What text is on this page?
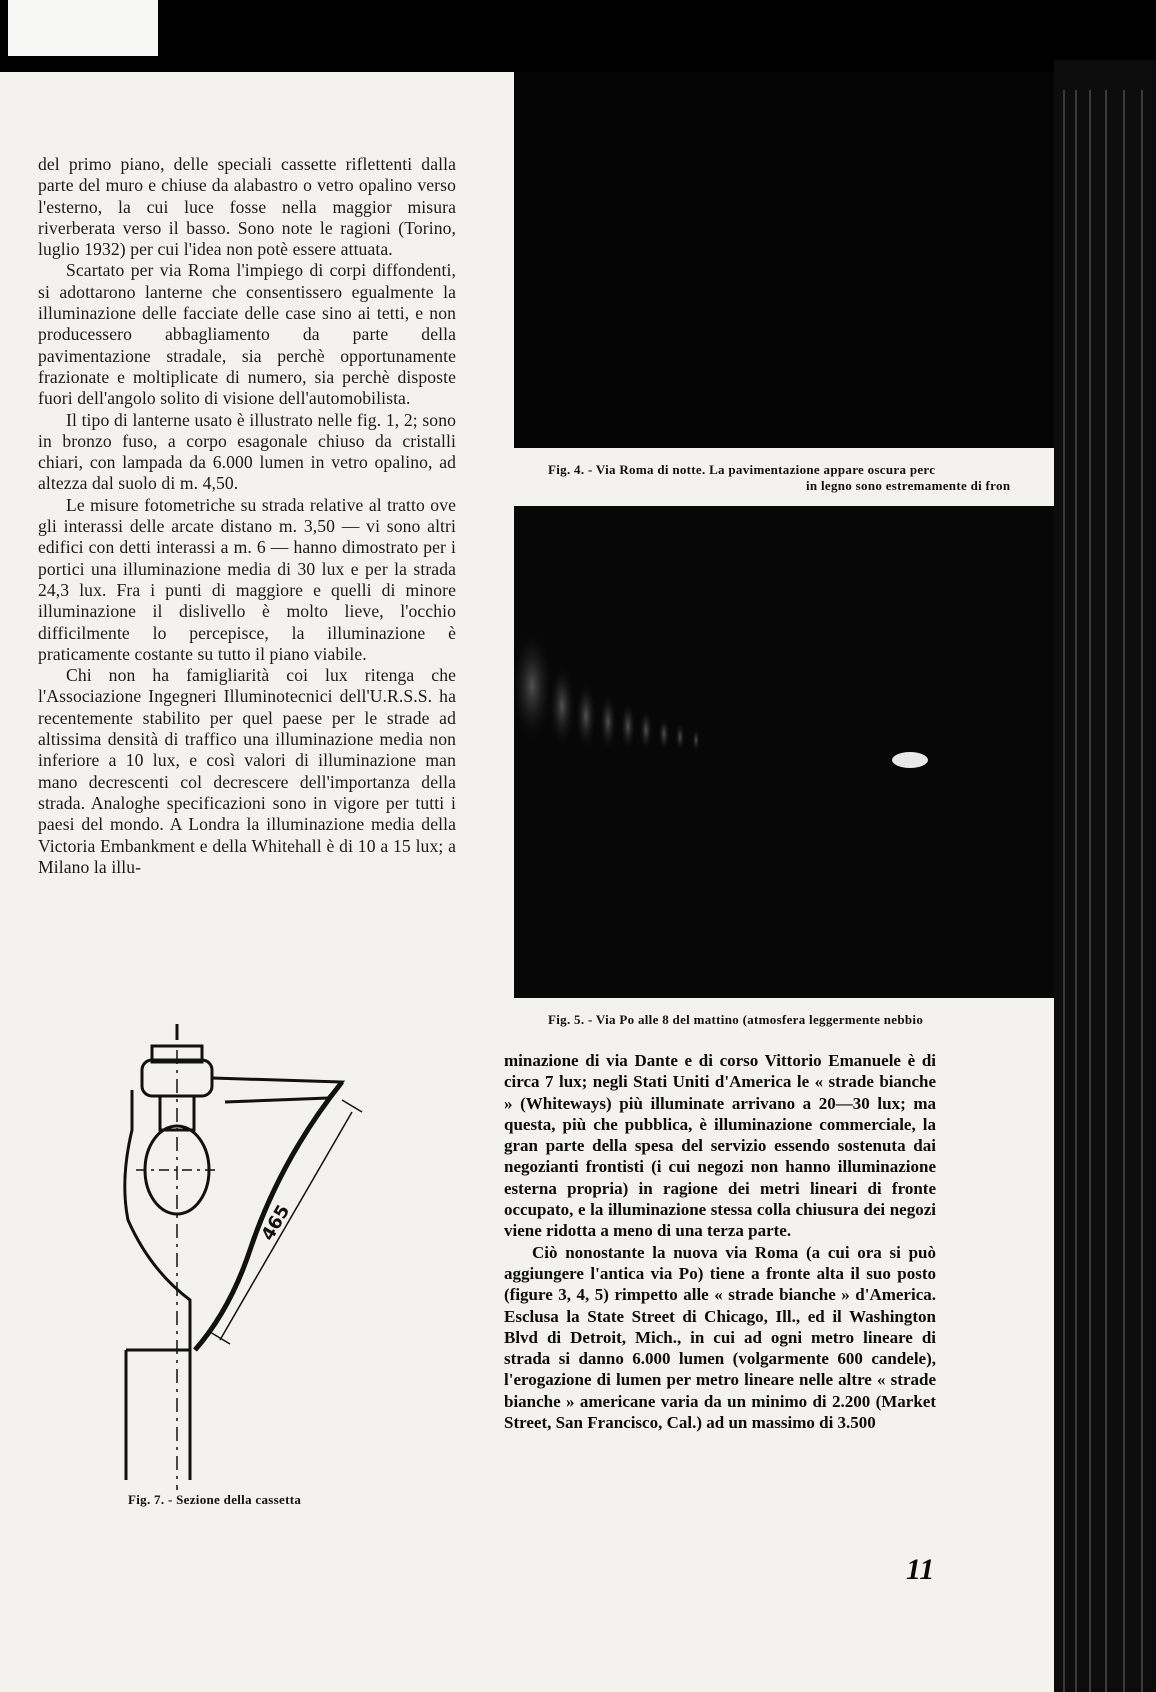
del primo piano, delle speciali cassette riflettenti dalla parte del muro e chiuse da alabastro o vetro opalino verso l'esterno, la cui luce fosse nella maggior misura riverberata verso il basso. Sono note le ragioni (Torino, luglio 1932) per cui l'idea non potè essere attuata.

Scartato per via Roma l'impiego di corpi diffondenti, si adottarono lanterne che consentissero egualmente la illuminazione delle facciate delle case sino ai tetti, e non producessero abbagliamento da parte della pavimentazione stradale, sia perchè opportunamente frazionate e moltiplicate di numero, sia perchè disposte fuori dell'angolo solito di visione dell'automobilista.

Il tipo di lanterne usato è illustrato nelle fig. 1, 2; sono in bronzo fuso, a corpo esagonale chiuso da cristalli chiari, con lampada da 6.000 lumen in vetro opalino, ad altezza dal suolo di m. 4,50.

Le misure fotometriche su strada relative al tratto ove gli interassi delle arcate distano m. 3,50 — vi sono altri edifici con detti interassi a m. 6 — hanno dimostrato per i portici una illuminazione media di 30 lux e per la strada 24,3 lux. Fra i punti di maggiore e quelli di minore illuminazione il dislivello è molto lieve, l'occhio difficilmente lo percepisce, la illuminazione è praticamente costante su tutto il piano viabile.

Chi non ha famigliarità coi lux ritenga che l'Associazione Ingegneri Illuminotecnici dell'U.R.S.S. ha recentemente stabilito per quel paese per le strade ad altissima densità di traffico una illuminazione media non inferiore a 10 lux, e così valori di illuminazione man mano decrescenti col decrescere dell'importanza della strada. Analoghe specificazioni sono in vigore per tutti i paesi del mondo. A Londra la illuminazione media della Victoria Embankment e della Whitehall è di 10 a 15 lux; a Milano la illu-

Fig. 4. - Via Roma di notte. La pavimentazione appare oscura perc
in legno sono estremamente di fron
Fig. 5. - Via Po alle 8 del mattino (atmosfera leggermente nebbio
465
Fig. 7. - Sezione della cassetta

minazione di via Dante e di corso Vittorio Emanuele è di circa 7 lux; negli Stati Uniti d'America le « strade bianche » (Whiteways) più illuminate arrivano a 20—30 lux; ma questa, più che pubblica, è illuminazione commerciale, la gran parte della spesa del servizio essendo sostenuta dai negozianti frontisti (i cui negozi non hanno illuminazione esterna propria) in ragione dei metri lineari di fronte occupato, e la illuminazione stessa colla chiusura dei negozi viene ridotta a meno di una terza parte.

Ciò nonostante la nuova via Roma (a cui ora si può aggiungere l'antica via Po) tiene a fronte alta il suo posto (figure 3, 4, 5) rimpetto alle « strade bianche » d'America. Esclusa la State Street di Chicago, Ill., ed il Washington Blvd di Detroit, Mich., in cui ad ogni metro lineare di strada si danno 6.000 lumen (volgarmente 600 candele), l'erogazione di lumen per metro lineare nelle altre « strade bianche » americane varia da un minimo di 2.200 (Market Street, San Francisco, Cal.) ad un massimo di 3.500

11
